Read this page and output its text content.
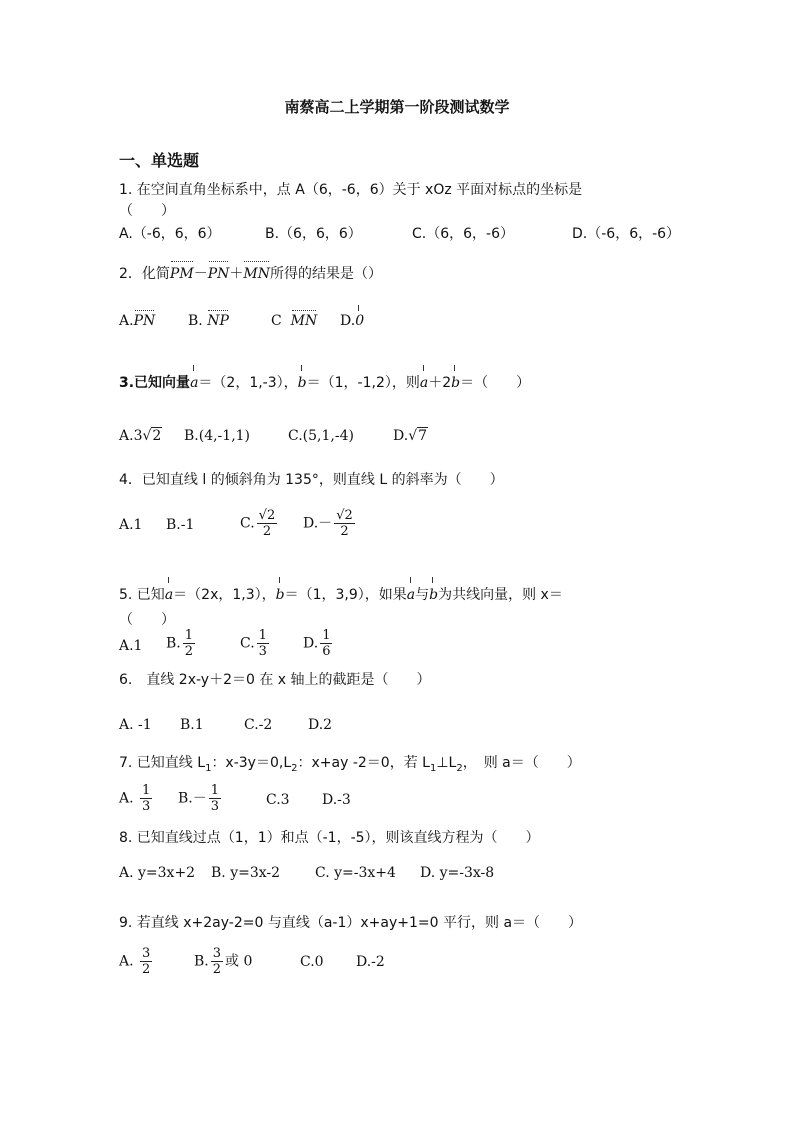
南蔡高二上学期第一阶段测试数学
一、单选题
1. 在空间直角坐标系中，点 A（6，-6，6）关于 xOz 平面对标点的坐标是
（　　）
A.（-6，6，6）	B.（6，6，6）	C.（6，6，-6）	D.（-6，6，-6）
2．化简PM－PN＋MN所得的结果是（）
A.PN B. NP	C MN D.0
3.已知向量a＝（2，1,-3），b＝（1，-1,2），则a＋2b＝（　　）
A.3√2 B.(4,-1,1)	C.(5,1,-4)	D.√7
4．已知直线 l 的倾斜角为 135°，则直线 L 的斜率为（　　）
A.1 B.-1	C. $\frac{√2}{2} D.- \frac{√2}{2}$
5. 已知a＝（2x，1,3），b＝（1，3,9），如果a与b为共线向量，则 x＝
（　　）
A.1 B. $\frac{1}{2}$	C. $\frac{1}{3} D$. $\frac{1}{6}$
6.　直线 2x-y＋2＝0 在 x 轴上的截距是（　　）
A. -1 B.1	C.-2	D.2
7. 已知直线 $L_1$：$x-3y=0,L_2$：x+ay -2＝0，若 $L_1\perp L_2$，　则 a＝（　　）
A. $\frac{1}{3} B.- \frac{1}{3}$	C.3 D.-3
8. 已知直线过点（1，1）和点（-1，-5），则该直线方程为（　　）
A. y=3x+2 B. y=3x-2 C. y=-3x+4 D. y=-3x-8
9. 若直线 x+2ay-2=0 与直线（a-1）x+ay+1=0 平行，则 a＝（　　）
A. $\frac{3}{2}$	B. $\frac{3}{2}$ 或 0	C.0 D.-2
